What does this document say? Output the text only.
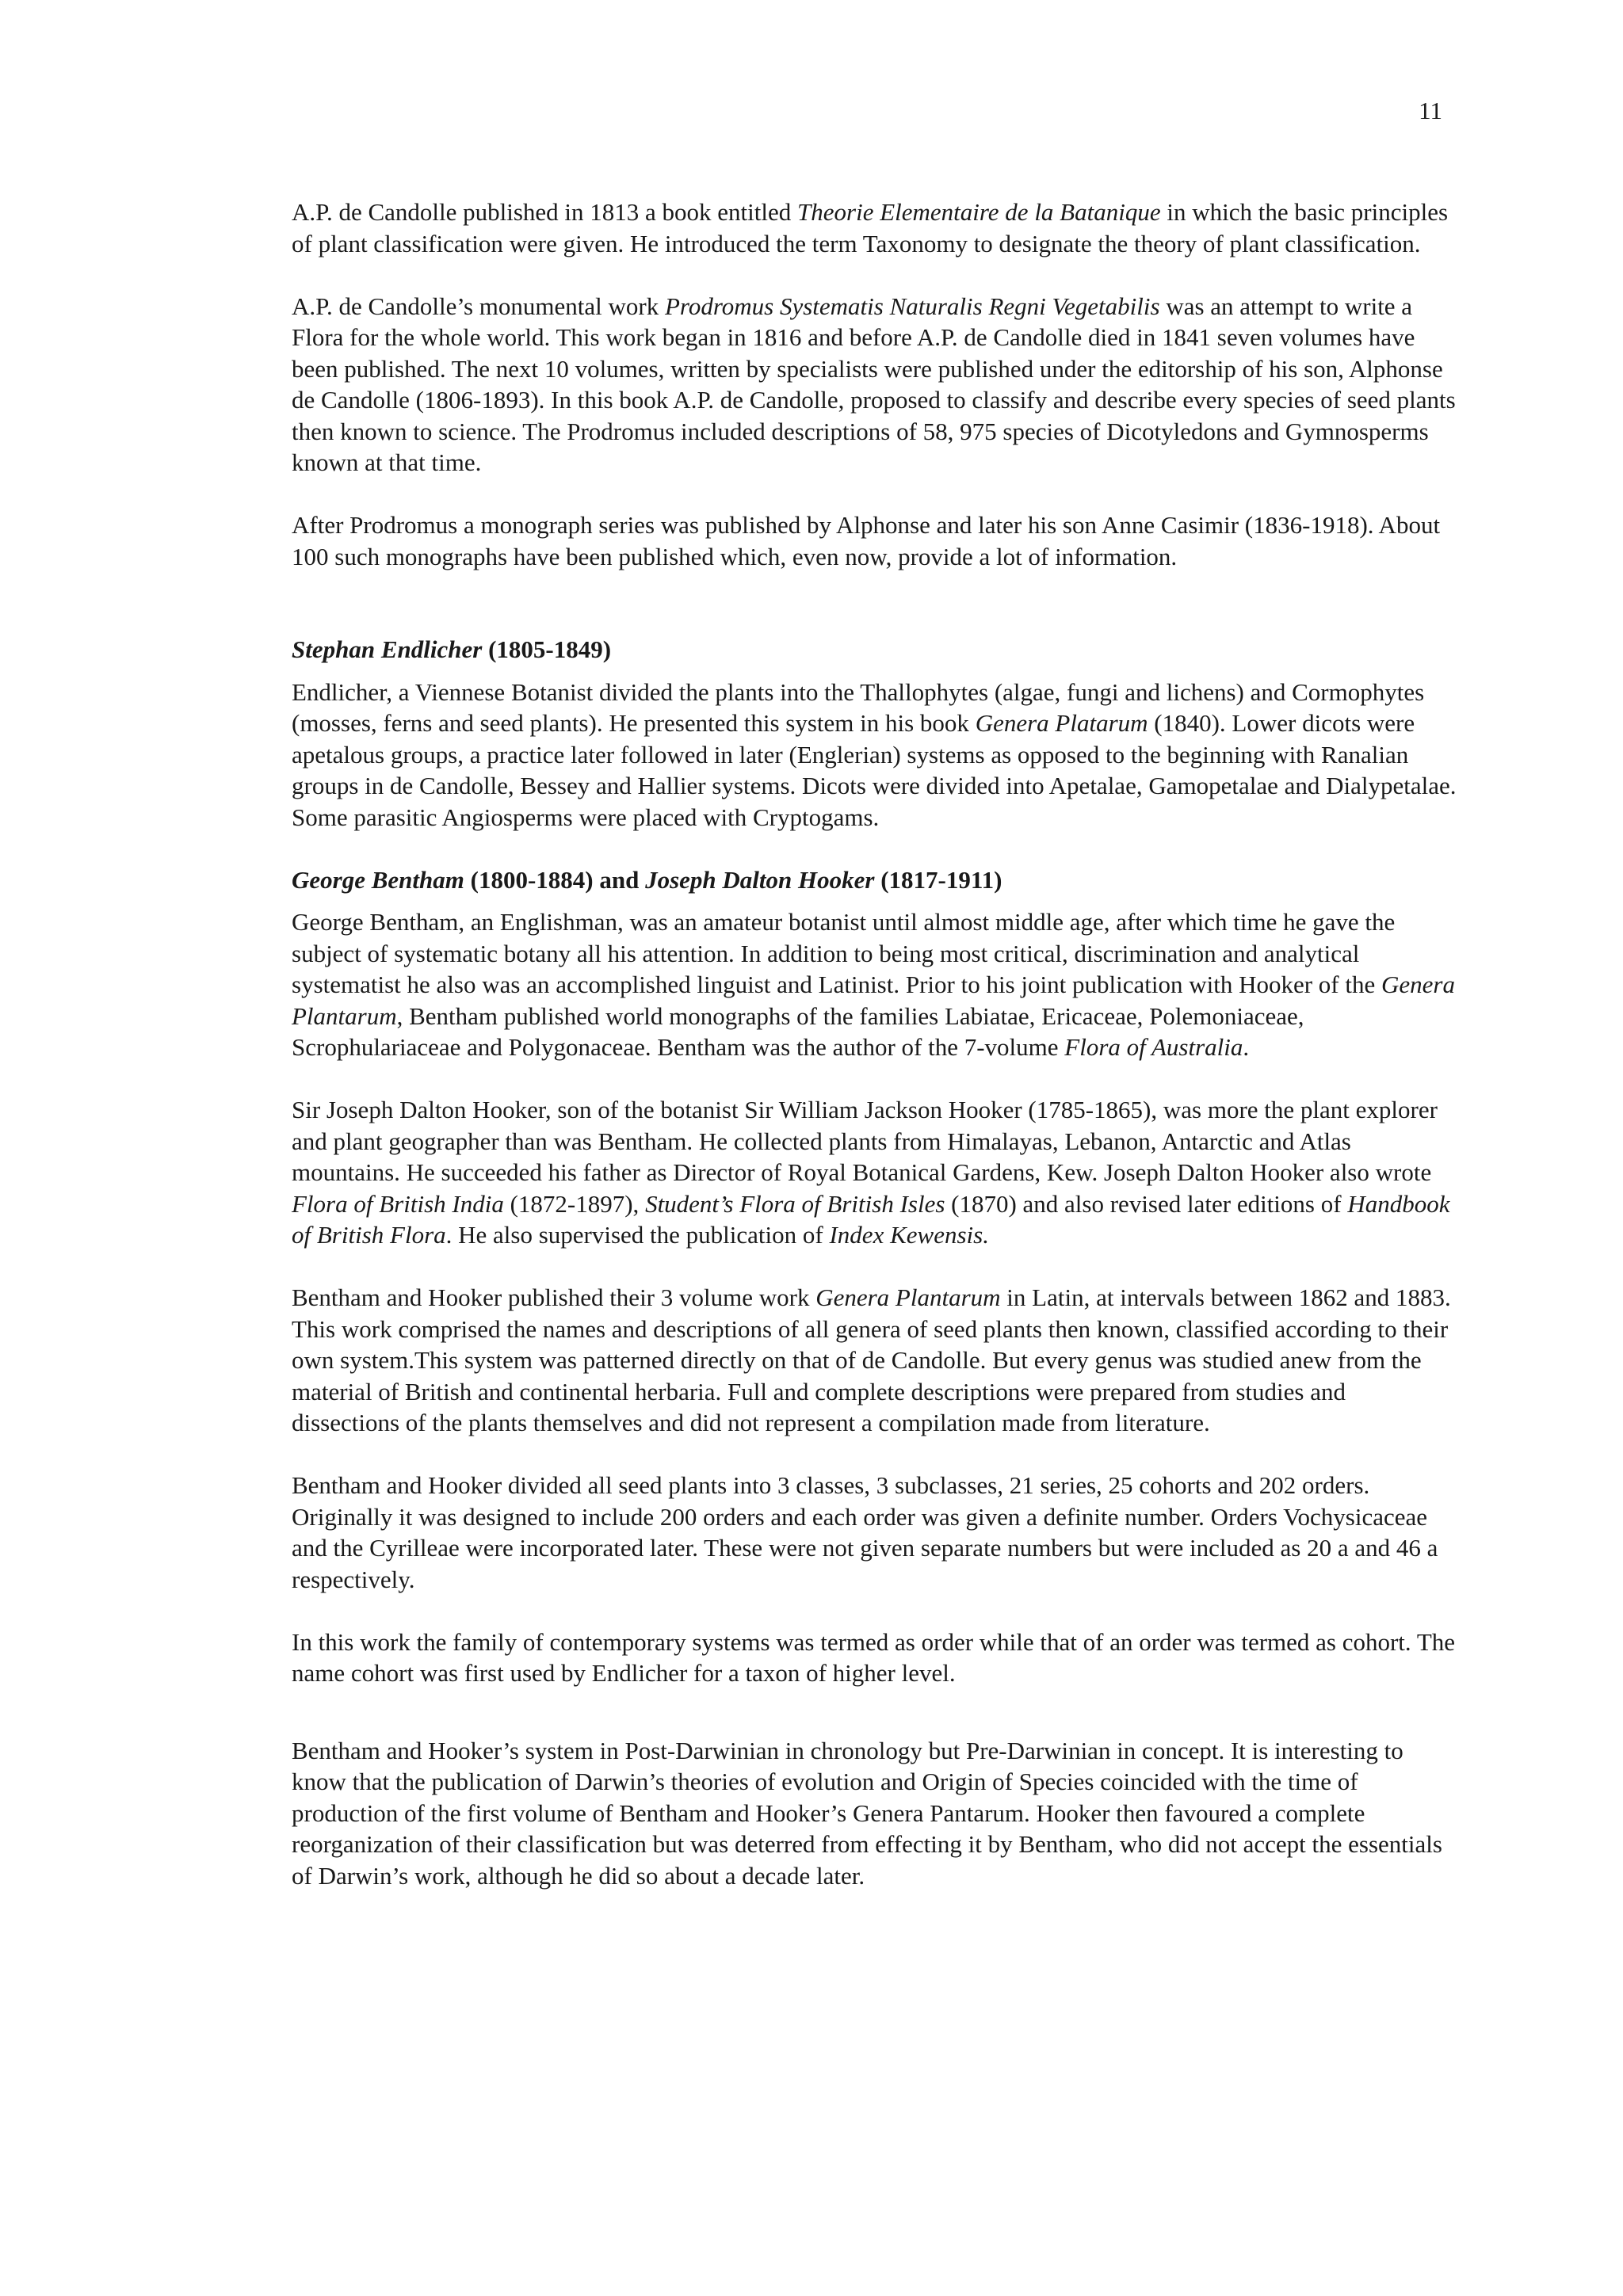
11

A.P. de Candolle published in 1813 a book entitled Theorie Elementaire de la Batanique in which the basic principles of plant classification were given. He introduced the term Taxonomy to designate the theory of plant classification.

A.P. de Candolle’s monumental work Prodromus Systematis Naturalis Regni Vegetabilis was an attempt to write a Flora for the whole world. This work began in 1816 and before A.P. de Candolle died in 1841 seven volumes have been published. The next 10 volumes, written by specialists were published under the editorship of his son, Alphonse de Candolle (1806-1893). In this book A.P. de Candolle, proposed to classify and describe every species of seed plants then known to science. The Prodromus included descriptions of 58, 975 species of Dicotyledons and Gymnosperms known at that time.

After Prodromus a monograph series was published by Alphonse and later his son Anne Casimir (1836-1918). About 100 such monographs have been published which, even now, provide a lot of information.

Stephan Endlicher (1805-1849)

Endlicher, a Viennese Botanist divided the plants into the Thallophytes (algae, fungi and lichens) and Cormophytes (mosses, ferns and seed plants). He presented this system in his book Genera Platarum (1840). Lower dicots were apetalous groups, a practice later followed in later (Englerian) systems as opposed to the beginning with Ranalian groups in de Candolle, Bessey and Hallier systems. Dicots were divided into Apetalae, Gamopetalae and Dialypetalae. Some parasitic Angiosperms were placed with Cryptogams.

George Bentham (1800-1884) and Joseph Dalton Hooker (1817-1911)

George Bentham, an Englishman, was an amateur botanist until almost middle age, after which time he gave the subject of systematic botany all his attention. In addition to being most critical, discrimination and analytical systematist he also was an accomplished linguist and Latinist. Prior to his joint publication with Hooker of the Genera Plantarum, Bentham published world monographs of the families Labiatae, Ericaceae, Polemoniaceae, Scrophulariaceae and Polygonaceae. Bentham was the author of the 7-volume Flora of Australia.

Sir Joseph Dalton Hooker, son of the botanist Sir William Jackson Hooker (1785-1865), was more the plant explorer and plant geographer than was Bentham. He collected plants from Himalayas, Lebanon, Antarctic and Atlas mountains. He succeeded his father as Director of Royal Botanical Gardens, Kew. Joseph Dalton Hooker also wrote Flora of British India (1872-1897), Student’s Flora of British Isles (1870) and also revised later editions of Handbook of British Flora. He also supervised the publication of Index Kewensis.

Bentham and Hooker published their 3 volume work Genera Plantarum in Latin, at intervals between 1862 and 1883. This work comprised the names and descriptions of all genera of seed plants then known, classified according to their own system.This system was patterned directly on that of de Candolle. But every genus was studied anew from the material of British and continental herbaria. Full and complete descriptions were prepared from studies and dissections of the plants themselves and did not represent a compilation made from literature.

Bentham and Hooker divided all seed plants into 3 classes, 3 subclasses, 21 series, 25 cohorts and 202 orders. Originally it was designed to include 200 orders and each order was given a definite number. Orders Vochysicaceae and the Cyrilleae were incorporated later. These were not given separate numbers but were included as 20 a and 46 a respectively.

In this work the family of contemporary systems was termed as order while that of an order was termed as cohort. The name cohort was first used by Endlicher for a taxon of higher level.

Bentham and Hooker’s system in Post-Darwinian in chronology but Pre-Darwinian in concept. It is interesting to know that the publication of Darwin’s theories of evolution and Origin of Species coincided with the time of production of the first volume of Bentham and Hooker’s Genera Pantarum. Hooker then favoured a complete reorganization of their classification but was deterred from effecting it by Bentham, who did not accept the essentials of Darwin’s work, although he did so about a decade later.
